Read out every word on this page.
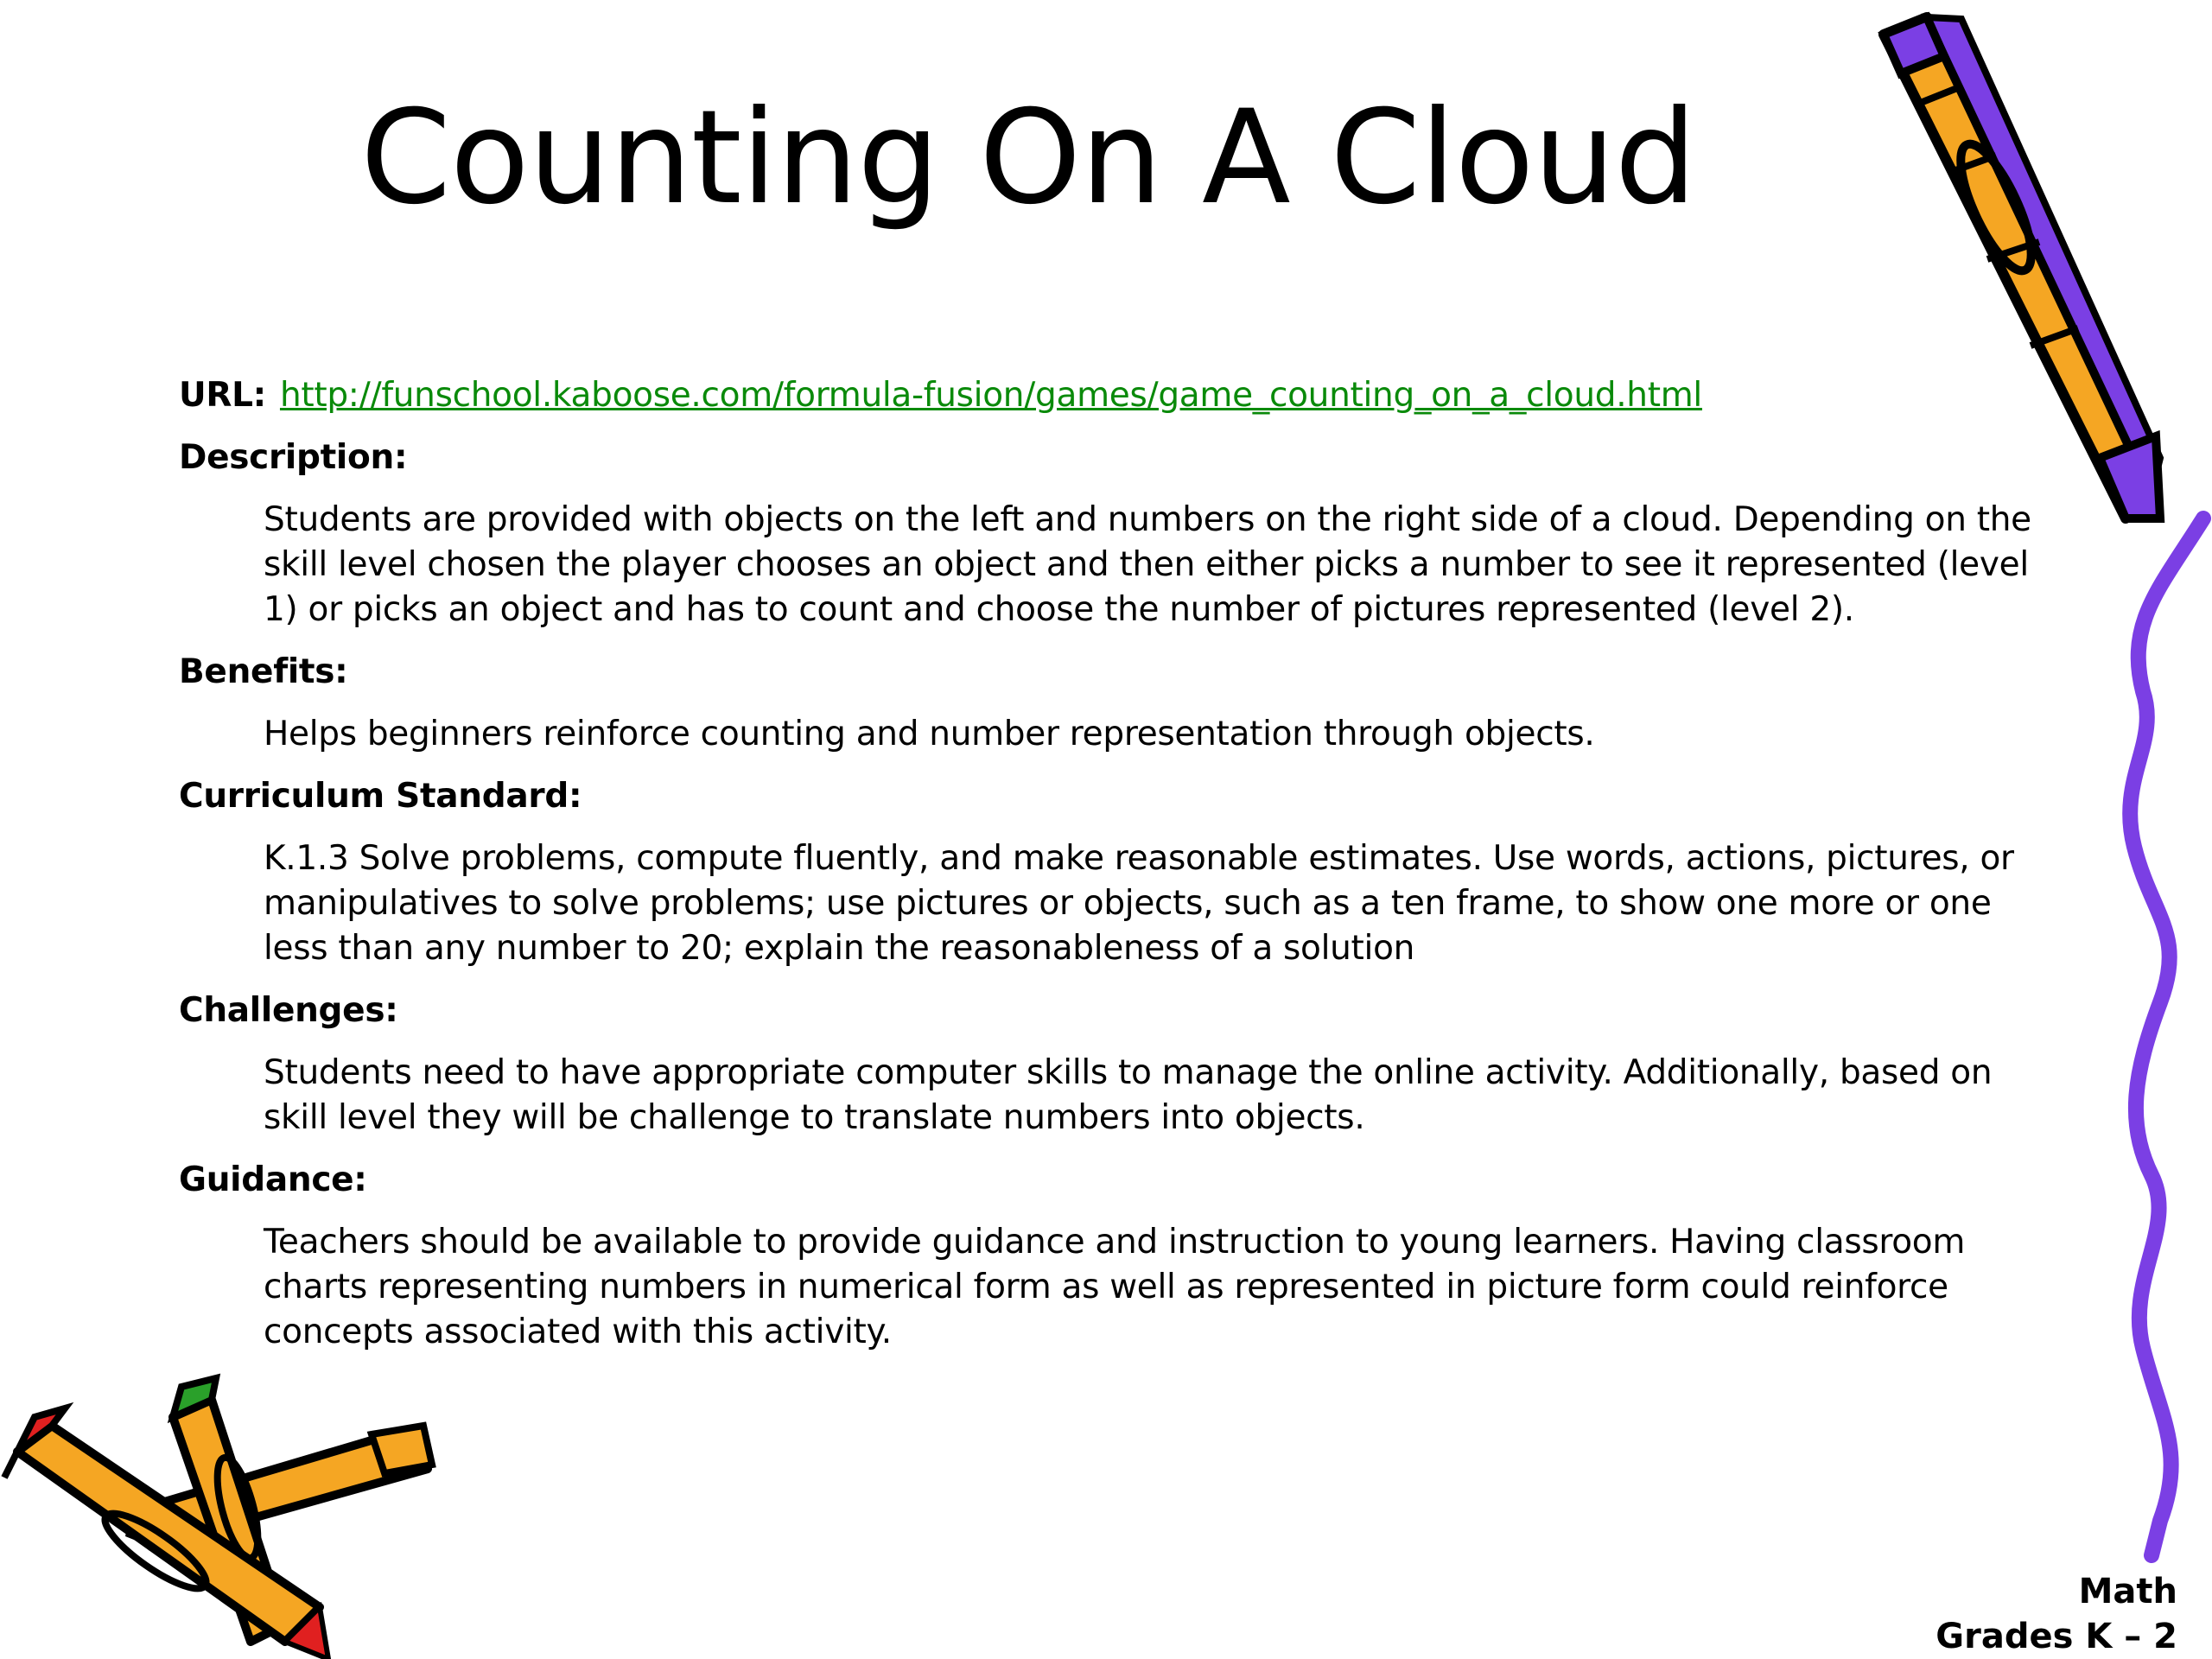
Counting On A Cloud
URL: http://funschool.kaboose.com/formula-fusion/games/game_counting_on_a_cloud.html
Description:
Students are provided with objects on the left and numbers on the right side of a cloud. Depending on the skill level chosen the player chooses an object and then either picks a number to see it represented (level 1) or picks an object and has to count and choose the number of pictures represented (level 2).
Benefits:
Helps beginners reinforce counting and number representation through objects.
Curriculum Standard:
K.1.3 Solve problems, compute fluently, and make reasonable estimates. Use words, actions, pictures, or manipulatives to solve problems; use pictures or objects, such as a ten frame, to show one more or one less than any number to 20; explain the reasonableness of a solution
Challenges:
Students need to have appropriate computer skills to manage the online activity. Additionally, based on skill level they will be challenge to translate numbers into objects.
Guidance:
Teachers should be available to provide guidance and instruction to young learners. Having classroom charts representing numbers in numerical form as well as represented in picture form could reinforce concepts associated with this activity.
Math
Grades K – 2
